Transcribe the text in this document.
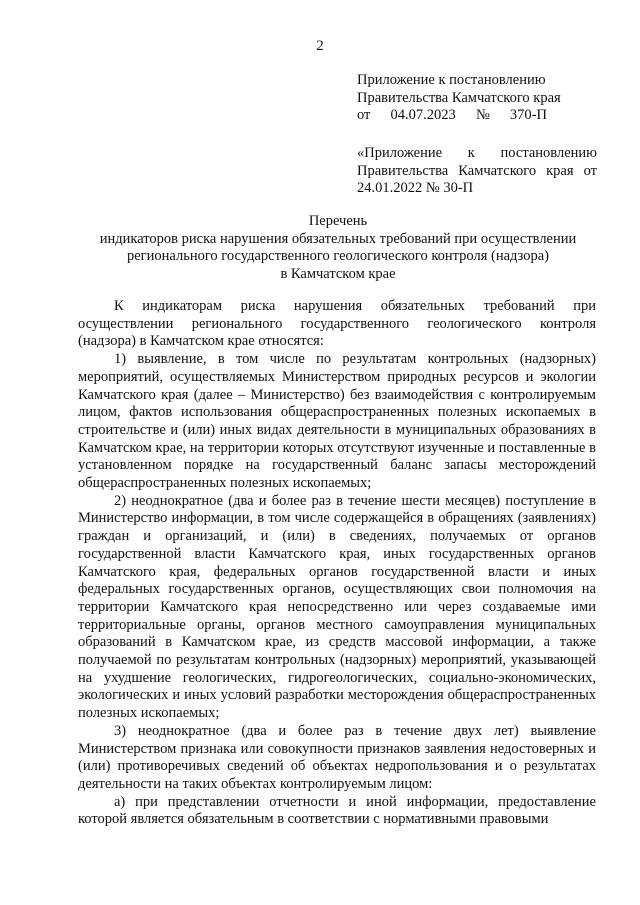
2
Приложение к постановлению
Правительства Камчатского края
от 04.07.2023 № 370-П
«Приложение к постановлению Правительства Камчатского края от 24.01.2022 № 30-П
Перечень
индикаторов риска нарушения обязательных требований при осуществлении
регионального государственного геологического контроля (надзора)
в Камчатском крае

К индикаторам риска нарушения обязательных требований при осуществлении регионального государственного геологического контроля (надзора) в Камчатском крае относятся:

1) выявление, в том числе по результатам контрольных (надзорных) мероприятий, осуществляемых Министерством природных ресурсов и экологии Камчатского края (далее – Министерство) без взаимодействия с контролируемым лицом, фактов использования общераспространенных полезных ископаемых в строительстве и (или) иных видах деятельности в муниципальных образованиях в Камчатском крае, на территории которых отсутствуют изученные и поставленные в установленном порядке на государственный баланс запасы месторождений общераспространенных полезных ископаемых;

2) неоднократное (два и более раз в течение шести месяцев) поступление в Министерство информации, в том числе содержащейся в обращениях (заявлениях) граждан и организаций, и (или) в сведениях, получаемых от органов государственной власти Камчатского края, иных государственных органов Камчатского края, федеральных органов государственной власти и иных федеральных государственных органов, осуществляющих свои полномочия на территории Камчатского края непосредственно или через создаваемые ими территориальные органы, органов местного самоуправления муниципальных образований в Камчатском крае, из средств массовой информации, а также получаемой по результатам контрольных (надзорных) мероприятий, указывающей на ухудшение геологических, гидрогеологических, социально-экономических, экологических и иных условий разработки месторождения общераспространенных полезных ископаемых;

3) неоднократное (два и более раз в течение двух лет) выявление Министерством признака или совокупности признаков заявления недостоверных и (или) противоречивых сведений об объектах недропользования и о результатах деятельности на таких объектах контролируемым лицом:

а) при представлении отчетности и иной информации, предоставление которой является обязательным в соответствии с нормативными правовыми
